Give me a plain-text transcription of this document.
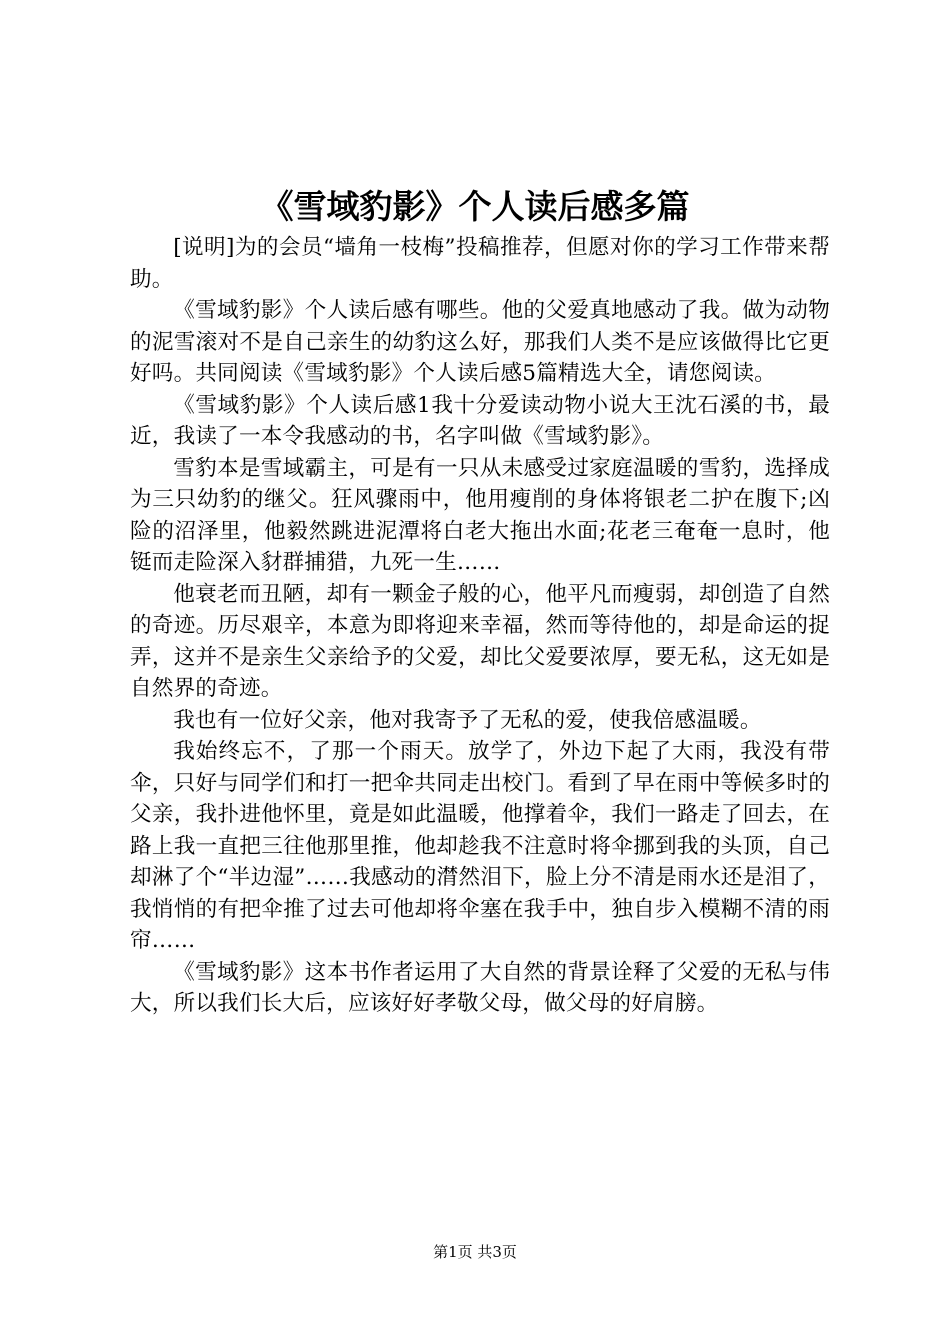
《雪域豹影》个人读后感多篇

[说明]为的会员“墙角一枝梅”投稿推荐，但愿对你的学习工作带来帮助。

《雪域豹影》个人读后感有哪些。他的父爱真地感动了我。做为动物的泥雪滚对不是自己亲生的幼豹这么好，那我们人类不是应该做得比它更好吗。共同阅读《雪域豹影》个人读后感5篇精选大全，请您阅读。

《雪域豹影》个人读后感1我十分爱读动物小说大王沈石溪的书，最近，我读了一本令我感动的书，名字叫做《雪域豹影》。

雪豹本是雪域霸主，可是有一只从未感受过家庭温暖的雪豹，选择成为三只幼豹的继父。狂风骤雨中，他用瘦削的身体将银老二护在腹下;凶险的沼泽里，他毅然跳进泥潭将白老大拖出水面;花老三奄奄一息时，他铤而走险深入豺群捕猎，九死一生……

他衰老而丑陋，却有一颗金子般的心，他平凡而瘦弱，却创造了自然的奇迹。历尽艰辛，本意为即将迎来幸福，然而等待他的，却是命运的捉弄，这并不是亲生父亲给予的父爱，却比父爱要浓厚，要无私，这无如是自然界的奇迹。

我也有一位好父亲，他对我寄予了无私的爱，使我倍感温暖。

我始终忘不，了那一个雨天。放学了，外边下起了大雨，我没有带伞，只好与同学们和打一把伞共同走出校门。看到了早在雨中等候多时的父亲，我扑进他怀里，竟是如此温暖，他撑着伞，我们一路走了回去，在路上我一直把三往他那里推，他却趁我不注意时将伞挪到我的头顶，自己却淋了个“半边湿”……我感动的潸然泪下，脸上分不清是雨水还是泪了，我悄悄的有把伞推了过去可他却将伞塞在我手中，独自步入模糊不清的雨帘……

《雪域豹影》这本书作者运用了大自然的背景诠释了父爱的无私与伟大，所以我们长大后，应该好好孝敬父母，做父母的好肩膀。

第1页 共3页
